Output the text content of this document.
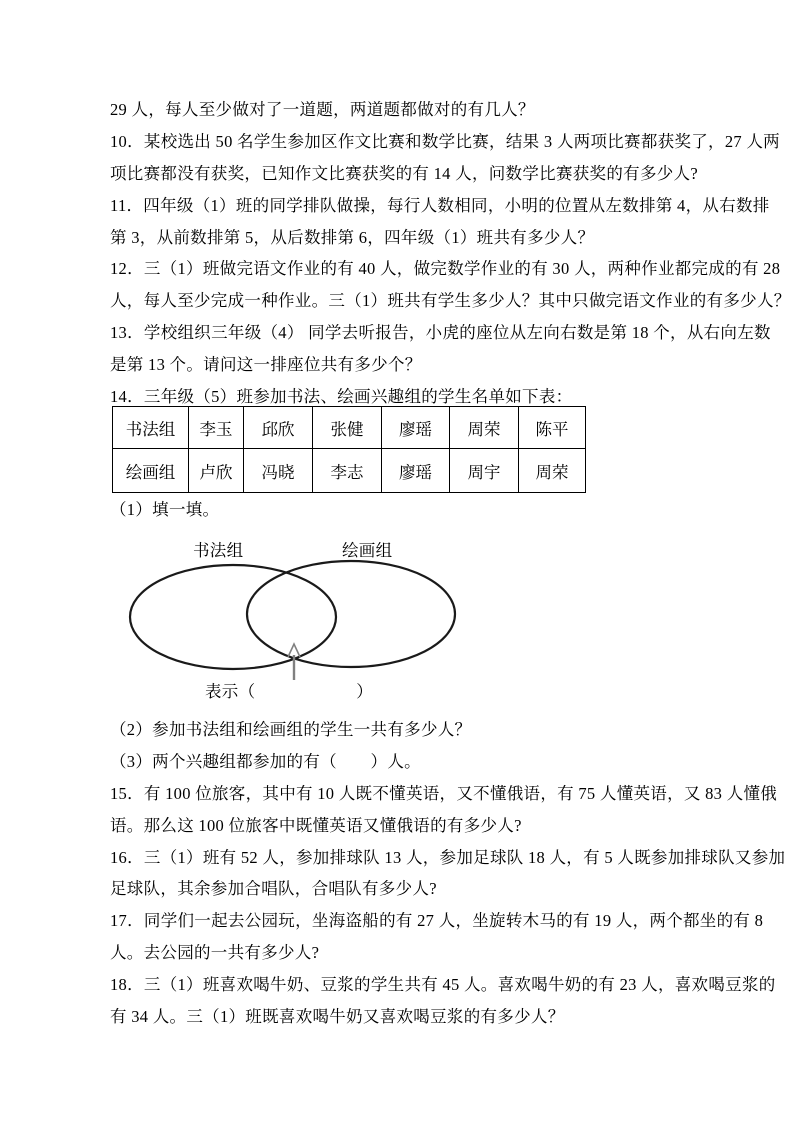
29 人，每人至少做对了一道题，两道题都做对的有几人？
10．某校选出 50 名学生参加区作文比赛和数学比赛，结果 3 人两项比赛都获奖了，27 人两
项比赛都没有获奖，已知作文比赛获奖的有 14 人，问数学比赛获奖的有多少人?
11．四年级（1）班的同学排队做操，每行人数相同，小明的位置从左数排第 4，从右数排
第 3，从前数排第 5，从后数排第 6，四年级（1）班共有多少人？
12．三（1）班做完语文作业的有 40 人，做完数学作业的有 30 人，两种作业都完成的有 28
人，每人至少完成一种作业。三（1）班共有学生多少人？其中只做完语文作业的有多少人？
13．学校组织三年级（4） 同学去听报告，小虎的座位从左向右数是第 18 个，从右向左数
是第 13 个。请问这一排座位共有多少个？
14．三年级（5）班参加书法、绘画兴趣组的学生名单如下表：
书法组	李玉	邱欣	张健	廖瑶	周荣	陈平
绘画组	卢欣	冯晓	李志	廖瑶	周宇	周荣
（1）填一填。
书法组	绘画组
表示（　　　　　　）
（2）参加书法组和绘画组的学生一共有多少人？
（3）两个兴趣组都参加的有（　　）人。
15．有 100 位旅客，其中有 10 人既不懂英语，又不懂俄语，有 75 人懂英语，又 83 人懂俄
语。那么这 100 位旅客中既懂英语又懂俄语的有多少人?
16．三（1）班有 52 人，参加排球队 13 人，参加足球队 18 人，有 5 人既参加排球队又参加
足球队，其余参加合唱队，合唱队有多少人?
17．同学们一起去公园玩，坐海盗船的有 27 人，坐旋转木马的有 19 人，两个都坐的有 8
人。去公园的一共有多少人?
18．三（1）班喜欢喝牛奶、豆浆的学生共有 45 人。喜欢喝牛奶的有 23 人，喜欢喝豆浆的
有 34 人。三（1）班既喜欢喝牛奶又喜欢喝豆浆的有多少人？
